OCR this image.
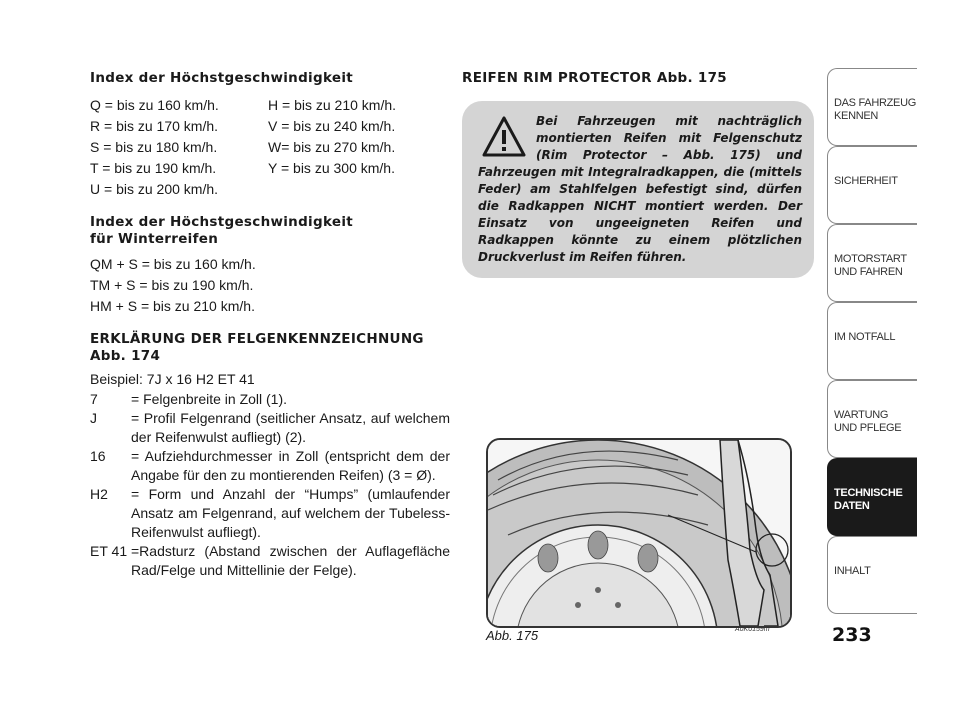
Index der Höchstgeschwindigkeit
Q = bis zu 160 km/h.	H = bis zu 210 km/h.
R = bis zu 170 km/h.	V = bis zu 240 km/h.
S = bis zu 180 km/h.	W= bis zu 270 km/h.
T = bis zu 190 km/h.	Y = bis zu 300 km/h.
U = bis zu 200 km/h.
Index der Höchstgeschwindigkeit
für Winterreifen
QM + S = bis zu 160 km/h.
TM + S = bis zu 190 km/h.
HM + S = bis zu 210 km/h.
ERKLÄRUNG DER FELGENKENNZEICHNUNG
Abb. 174
Beispiel: 7J x 16 H2 ET 41
7	= Felgenbreite in Zoll (1).
J	= Profil Felgenrand (seitlicher Ansatz, auf welchem der Reifenwulst aufliegt) (2).
16	= Aufziehdurchmesser in Zoll (entspricht dem der Angabe für den zu montierenden Reifen) (3 = Ø).
H2	= Form und Anzahl der “Humps” (umlaufender Ansatz am Felgenrand, auf welchem der Tubeless-Reifenwulst aufliegt).
ET 41 =Radsturz (Abstand zwischen der Auflagefläche Rad/Felge und Mittellinie der Felge).
REIFEN RIM PROTECTOR Abb. 175
Bei Fahrzeugen mit nachträglich montierten Reifen mit Felgenschutz (Rim Protector – Abb. 175) und Fahrzeugen mit Integralradkappen, die (mittels Feder) am Stahlfelgen befestigt sind, dürfen die Radkappen NICHT montiert werden. Der Einsatz von ungeeigneten Reifen und Radkappen könnte zu einem plötzlichen Druckverlust im Reifen führen.
Abb. 175	A0K0159m
DAS FAHRZEUG
KENNEN
SICHERHEIT
MOTORSTART
UND FAHREN
IM NOTFALL
WARTUNG
UND PFLEGE
TECHNISCHE
DATEN
INHALT
233
